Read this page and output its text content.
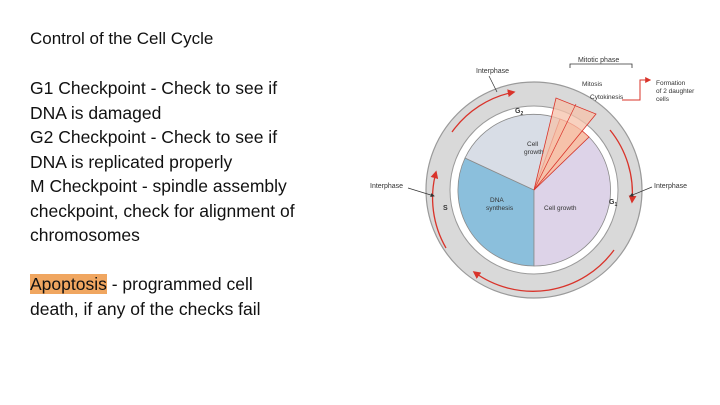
Control of the Cell Cycle
G1 Checkpoint - Check to see if
DNA is damaged
G2 Checkpoint - Check to see if
DNA is replicated properly
M Checkpoint - spindle assembly
checkpoint, check for alignment of
chromosomes
Apoptosis - programmed cell
death, if any of the checks fail
Mitotic phase
Interphase
Mitosis
Cytokinesis
Formation
of 2 daughter
cells
$G_2$
$G_1$
S
Cell
growth
DNA
synthesis	Cell growth
Interphase	Interphase
